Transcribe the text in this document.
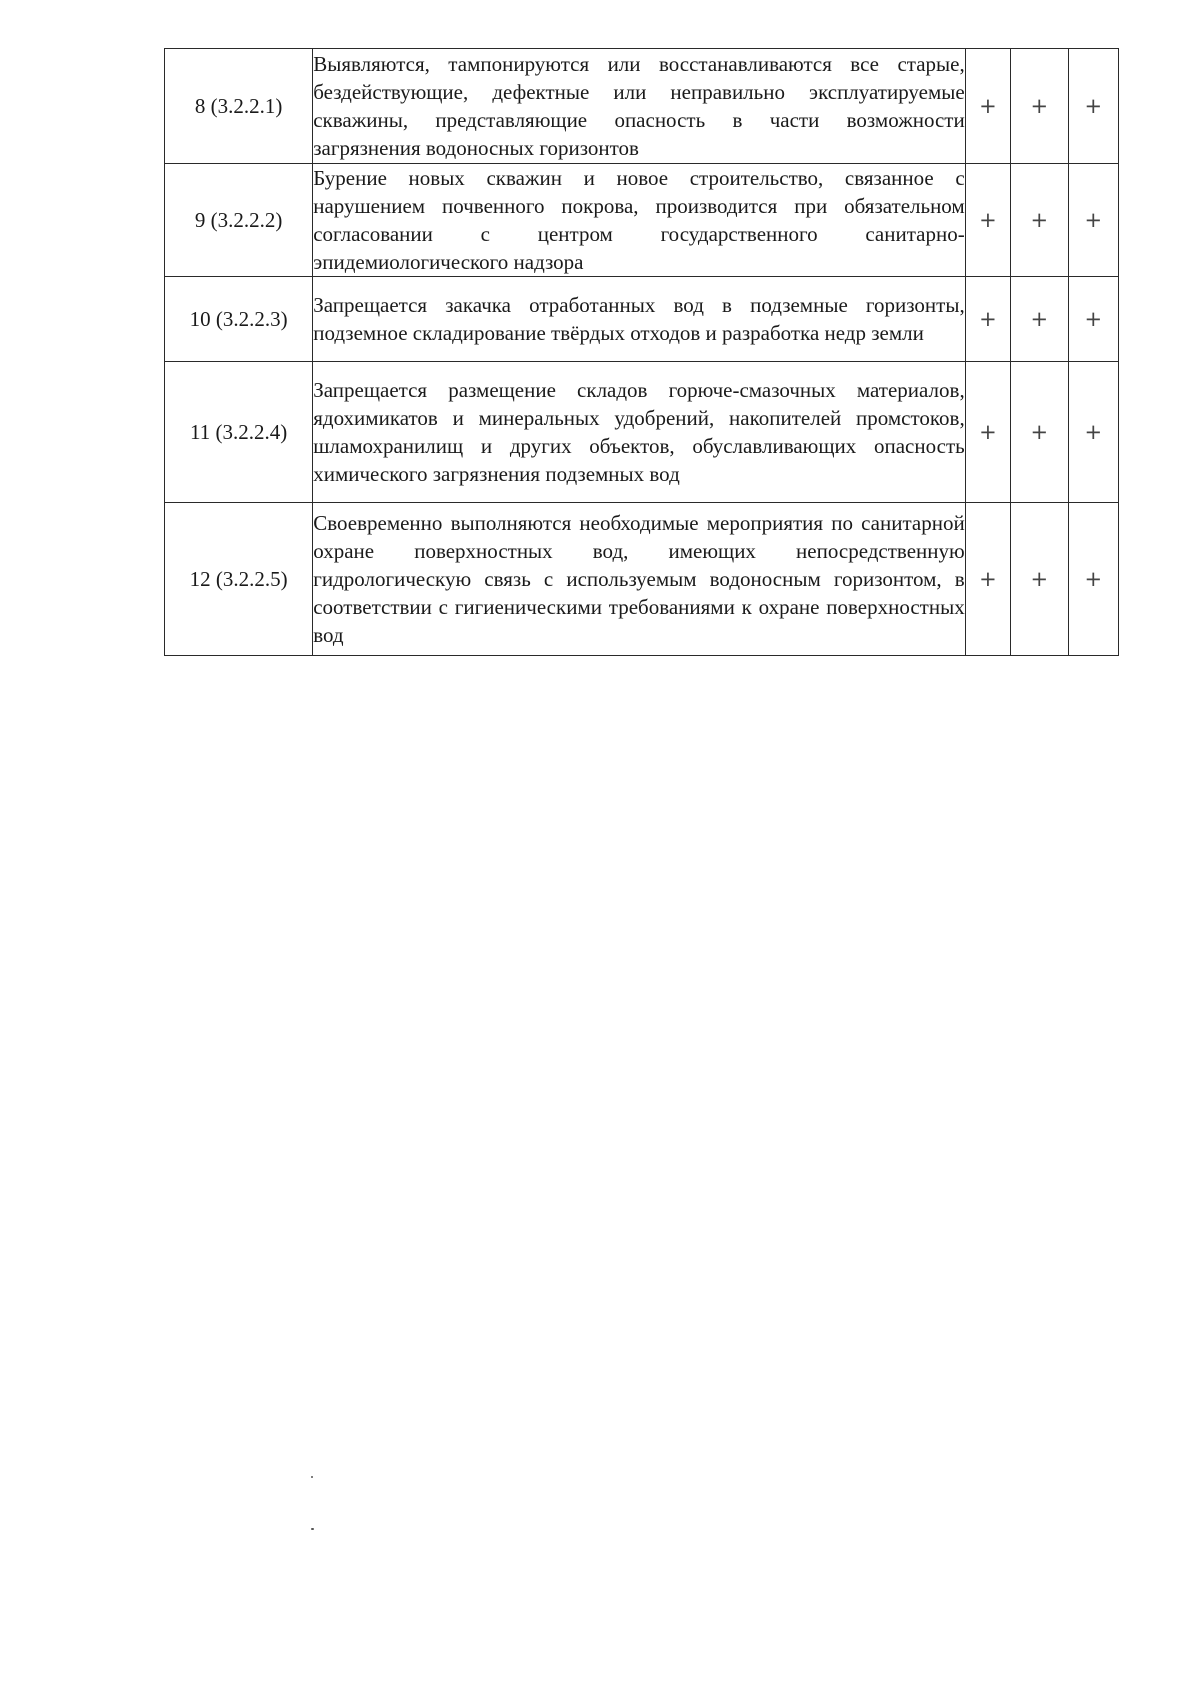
8 (3.2.2.1)	Выявляются, тампонируются или восстанавливаются все старые, бездействующие, дефектные или неправильно эксплуатируемые скважины, представляющие опасность в части возможности загрязнения водоносных горизонтов	+	+	+
9 (3.2.2.2)	Бурение новых скважин и новое строительство, связанное с нарушением почвенного покрова, производится при обязательном согласовании с центром государственного санитарно-эпидемиологического надзора	+	+	+
10 (3.2.2.3)	Запрещается закачка отработанных вод в подземные горизонты, подземное складирование твёрдых отходов и разработка недр земли	+	+	+
11 (3.2.2.4)	Запрещается размещение складов горюче-смазочных материалов, ядохимикатов и минеральных удобрений, накопителей промстоков, шламохранилищ и других объектов, обуславливающих опасность химического загрязнения подземных вод	+	+	+
12 (3.2.2.5)	Своевременно выполняются необходимые мероприятия по санитарной охране поверхностных вод, имеющих непосредственную гидрологическую связь с используемым водоносным горизонтом, в соответствии с гигиеническими требованиями к охране поверхностных вод	+	+	+
